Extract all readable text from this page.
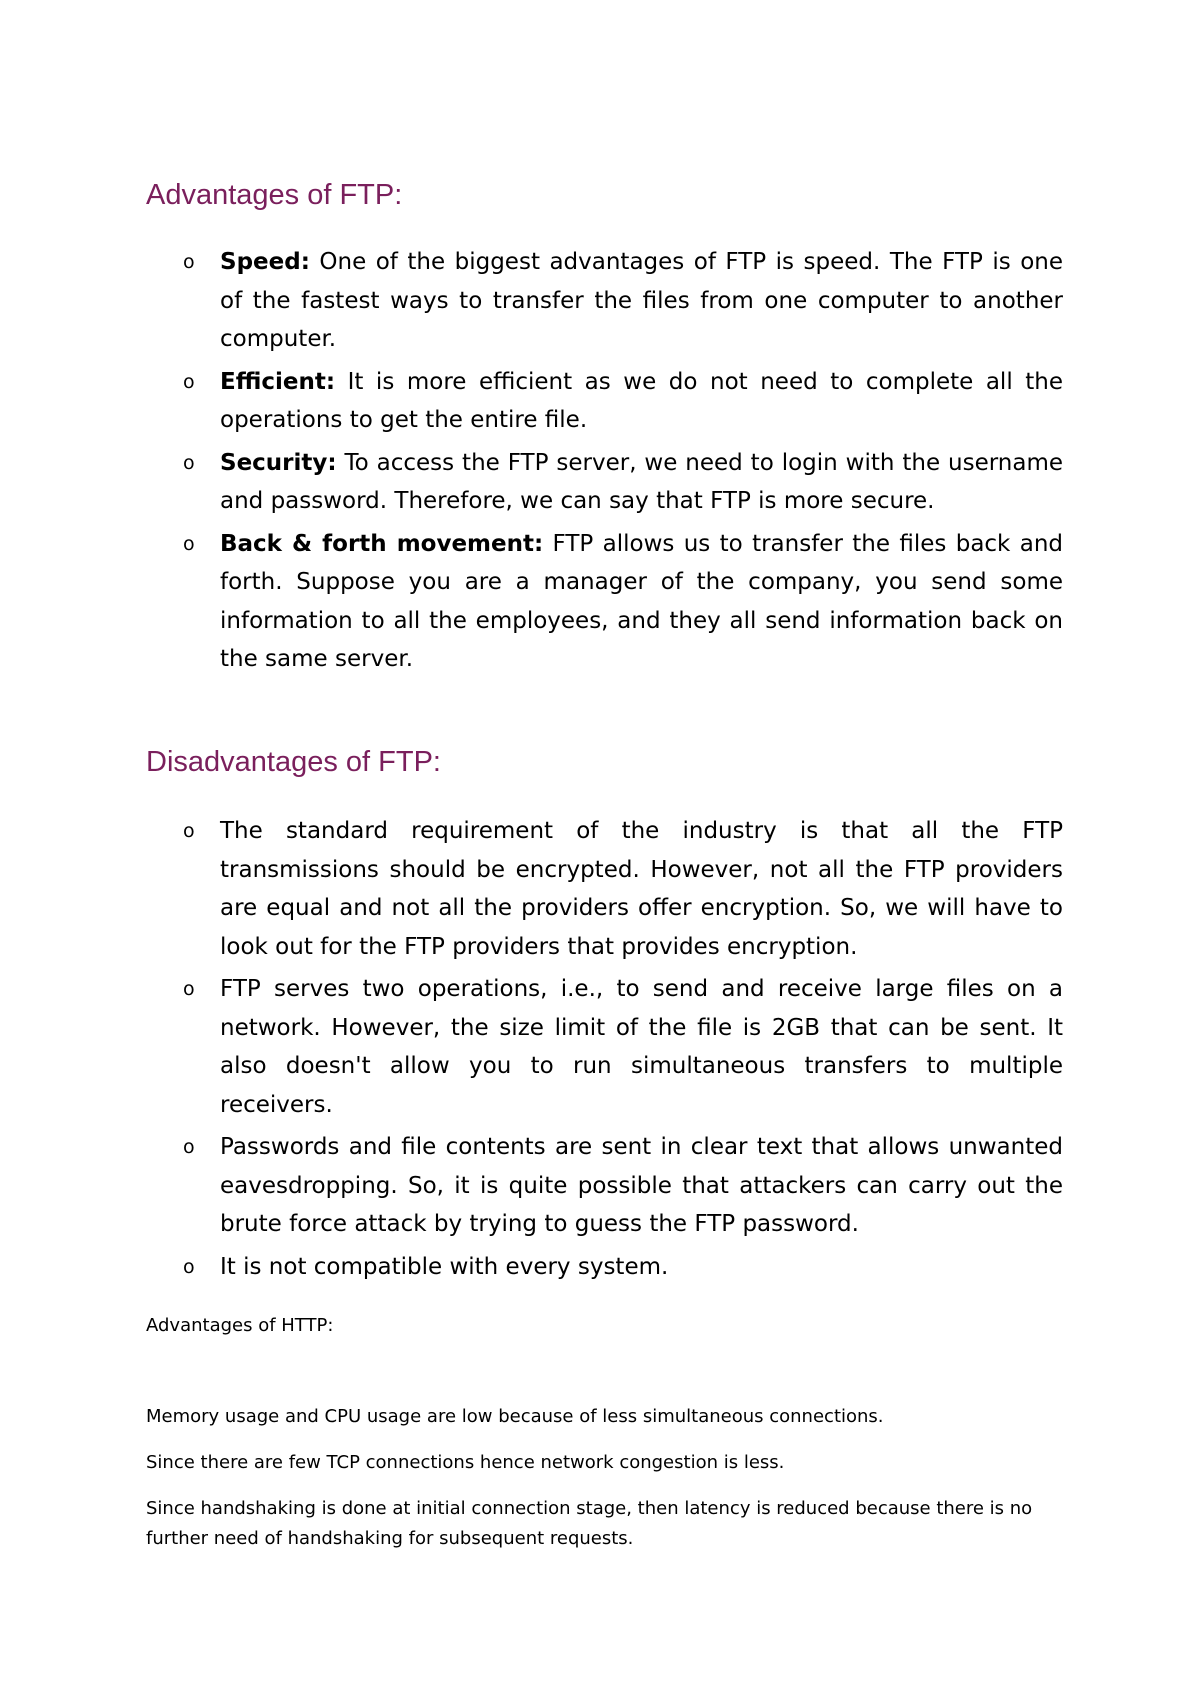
Advantages of FTP:
o Speed: One of the biggest advantages of FTP is speed. The FTP is one of the fastest ways to transfer the files from one computer to another computer.
o Efficient: It is more efficient as we do not need to complete all the operations to get the entire file.
o Security: To access the FTP server, we need to login with the username and password. Therefore, we can say that FTP is more secure.
o Back & forth movement: FTP allows us to transfer the files back and forth. Suppose you are a manager of the company, you send some information to all the employees, and they all send information back on the same server.
Disadvantages of FTP:
o The standard requirement of the industry is that all the FTP transmissions should be encrypted. However, not all the FTP providers are equal and not all the providers offer encryption. So, we will have to look out for the FTP providers that provides encryption.
o FTP serves two operations, i.e., to send and receive large files on a network. However, the size limit of the file is 2GB that can be sent. It also doesn't allow you to run simultaneous transfers to multiple receivers.
o Passwords and file contents are sent in clear text that allows unwanted eavesdropping. So, it is quite possible that attackers can carry out the brute force attack by trying to guess the FTP password.
o It is not compatible with every system.

Advantages of HTTP:

Memory usage and CPU usage are low because of less simultaneous connections.

Since there are few TCP connections hence network congestion is less.

Since handshaking is done at initial connection stage, then latency is reduced because there is no further need of handshaking for subsequent requests.
